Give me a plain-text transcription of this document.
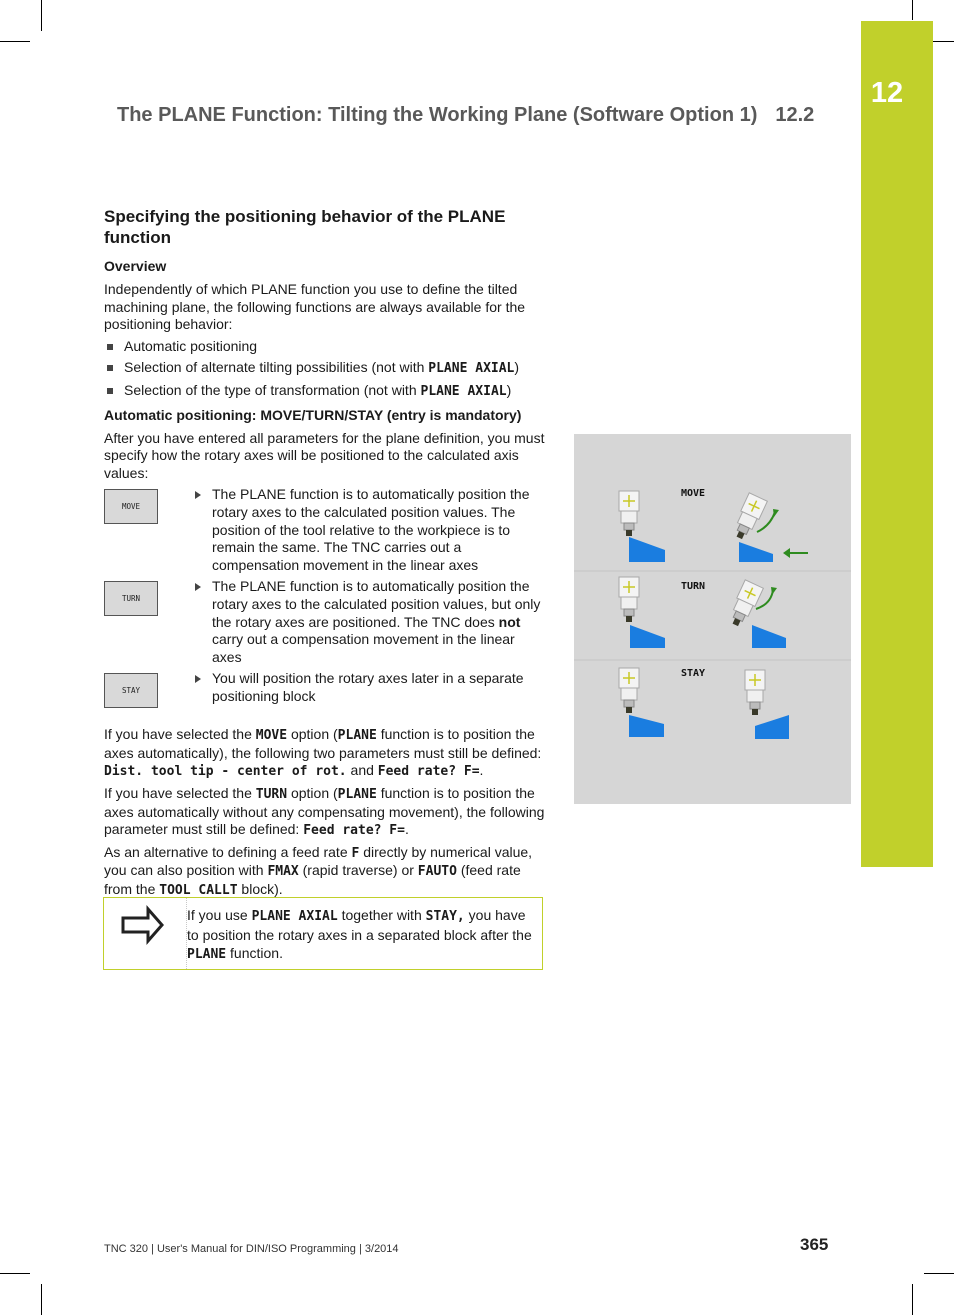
12
The PLANE Function: Tilting the Working Plane (Software Option 1) 12.2
Specifying the positioning behavior of the PLANE function
Overview

Independently of which PLANE function you use to define the tilted machining plane, the following functions are always available for the positioning behavior:

Automatic positioning
Selection of alternate tilting possibilities (not with PLANE AXIAL)
Selection of the type of transformation (not with PLANE AXIAL)
Automatic positioning: MOVE/TURN/STAY (entry is mandatory)

After you have entered all parameters for the plane definition, you must specify how the rotary axes will be positioned to the calculated axis values:

MOVE
The PLANE function is to automatically position the rotary axes to the calculated position values. The position of the tool relative to the workpiece is to remain the same. The TNC carries out a compensation movement in the linear axes
TURN
The PLANE function is to automatically position the rotary axes to the calculated position values, but only the rotary axes are positioned. The TNC does not carry out a compensation movement in the linear axes
STAY
You will position the rotary axes later in a separate positioning block

If you have selected the MOVE option (PLANE function is to position the axes automatically), the following two parameters must still be defined: Dist. tool tip - center of rot. and Feed rate? F=.

If you have selected the TURN option (PLANE function is to position the axes automatically without any compensating movement), the following parameter must still be defined: Feed rate? F=.

As an alternative to defining a feed rate F directly by numerical value, you can also position with FMAX (rapid traverse) or FAUTO (feed rate from the TOOL CALLT block).

If you use PLANE AXIAL together with STAY, you have to position the rotary axes in a separated block after the PLANE function.
MOVE
TURN
STAY
TNC 320 | User's Manual for DIN/ISO Programming | 3/2014	365
